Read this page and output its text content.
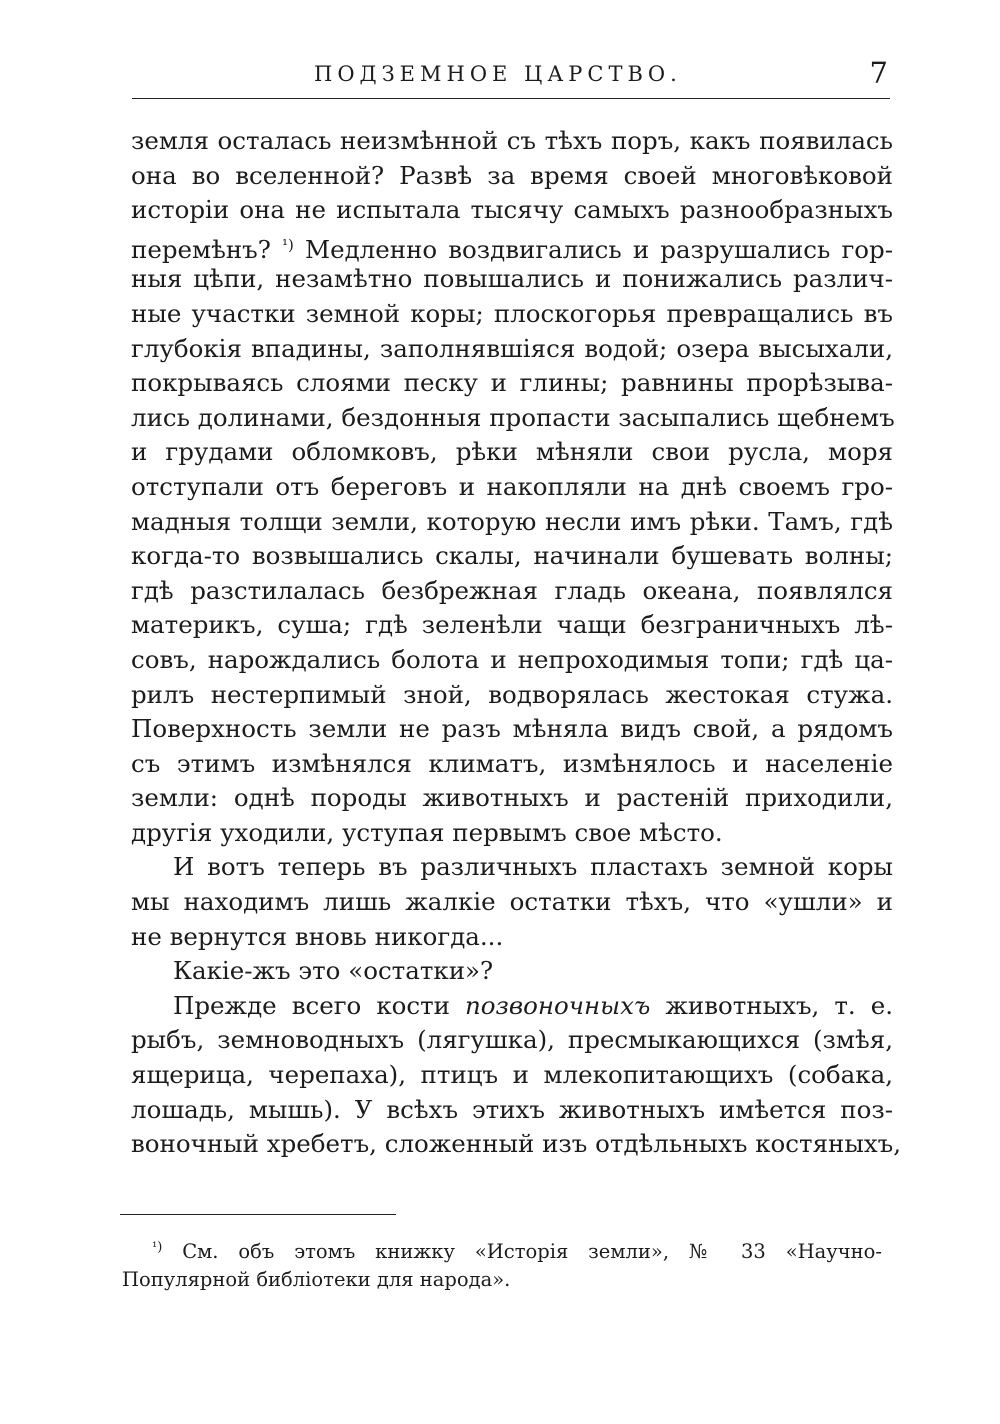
ПОДЗЕМНОЕ ЦАРСТВО.	7
земля осталась неизмѣнной съ тѣхъ поръ, какъ появилась
она во вселенной? Развѣ за время своей многовѣковой
исторіи она не испытала тысячу самыхъ разнообразныхъ
перемѣнъ? $^{^1)}$ Медленно воздвигались и разрушались гор-
ныя цѣпи, незамѣтно повышались и понижались различ-
ные участки земной коры; плоскогорья превращались въ
глубокія впадины, заполнявшіяся водой; озера высыхали,
покрываясь слоями песку и глины; равнины прорѣзыва-
лись долинами, бездонныя пропасти засыпались щебнемъ
и грудами обломковъ, рѣки мѣняли свои русла, моря
отступали отъ береговъ и накопляли на днѣ своемъ гро-
мадныя толщи земли, которую несли имъ рѣки. Тамъ, гдѣ
когда-то возвышались скалы, начинали бушевать волны;
гдѣ разстилалась безбрежная гладь океана, появлялся
материкъ, суша; гдѣ зеленѣли чащи безграничныхъ лѣ-
совъ, нарождались болота и непроходимыя топи; гдѣ ца-
рилъ нестерпимый зной, водворялась жестокая стужа.
Поверхность земли не разъ мѣняла видъ свой, а рядомъ
съ этимъ измѣнялся климатъ, измѣнялось и населеніе
земли: однѣ породы животныхъ и растеній приходили,
другія уходили, уступая первымъ свое мѣсто.
И вотъ теперь въ различныхъ пластахъ земной коры
мы находимъ лишь жалкіе остатки тѣхъ, что «ушли» и
не вернутся вновь никогда...
Какіе-жъ это «остатки»?
Прежде всего кости позвоночныхъ животныхъ, т. е.
рыбъ, земноводныхъ (лягушка), пресмыкающихся (змѣя,
ящерица, черепаха), птицъ и млекопитающихъ (собака,
лошадь, мышь). У всѣхъ этихъ животныхъ имѣется поз-
воночный хребетъ, сложенный изъ отдѣльныхъ костяныхъ,
$^{^1)}$ См. объ этомъ книжку «Исторія земли», № 33 «Научно-
Популярной библіотеки для народа».
